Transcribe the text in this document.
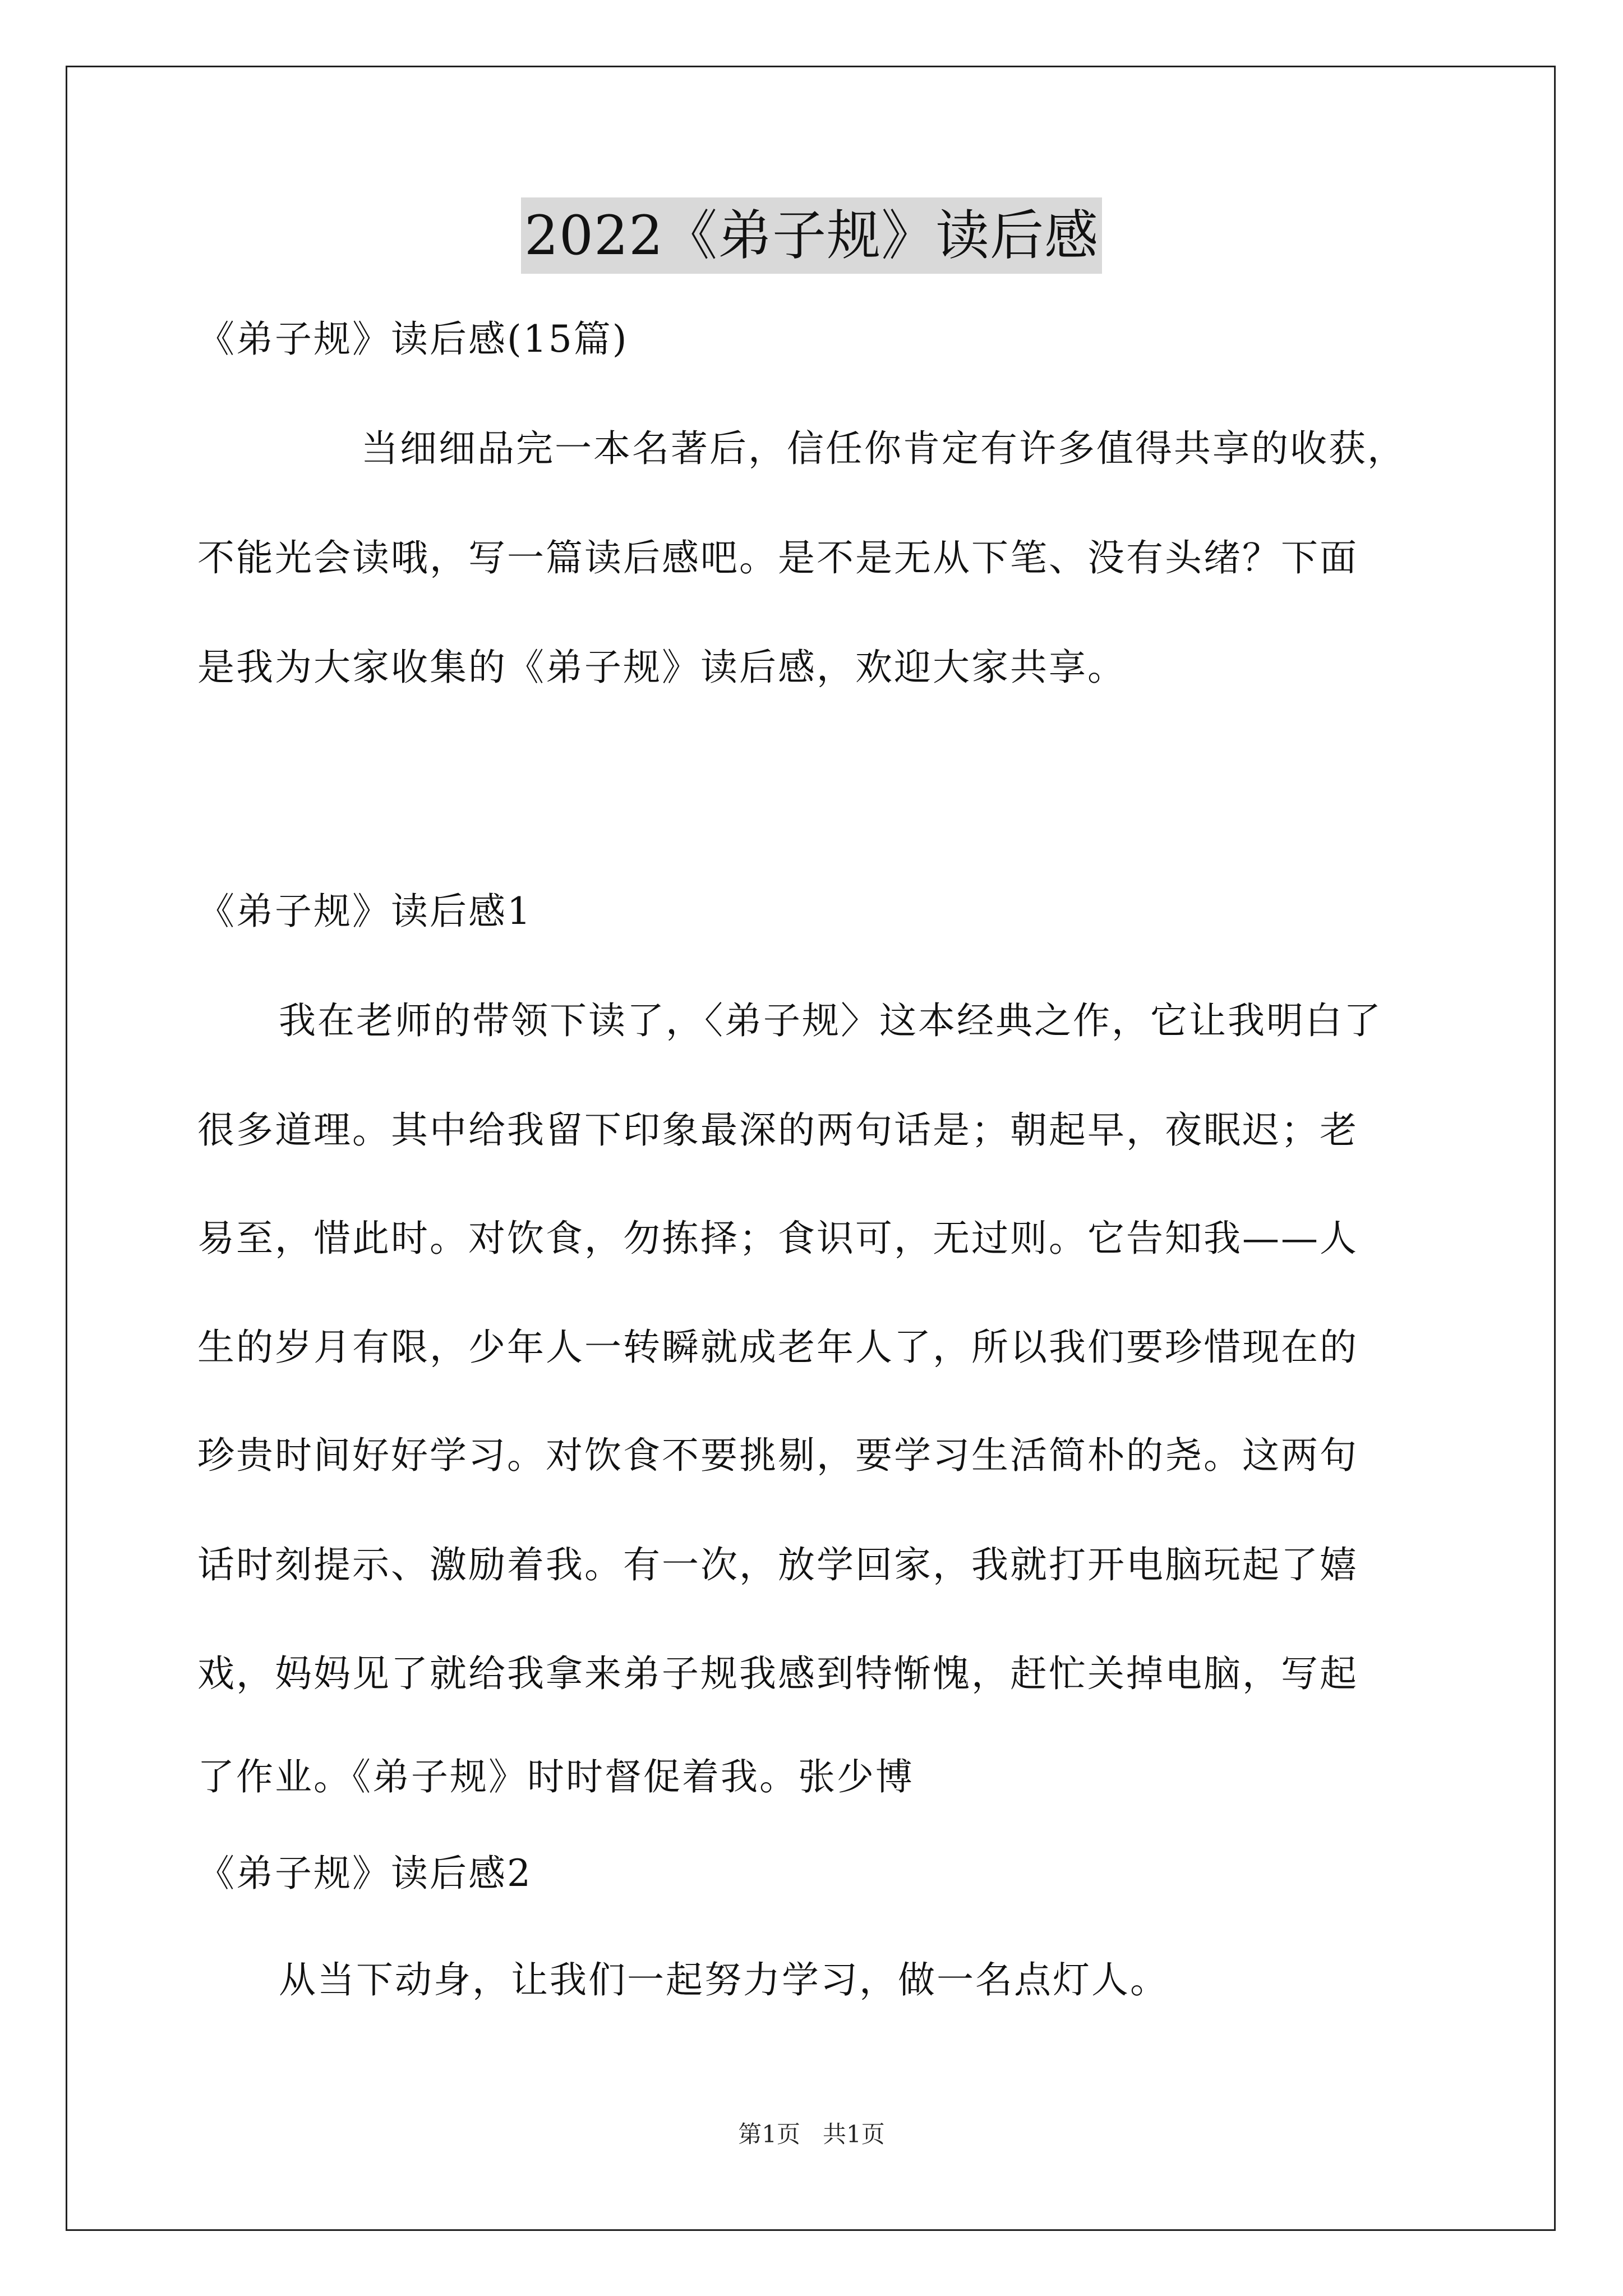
2022《弟子规》读后感
《弟子规》读后感(15篇)
当细细品完一本名著后，信任你肯定有许多值得共享的收获，
不能光会读哦，写一篇读后感吧。是不是无从下笔、没有头绪？下面
是我为大家收集的《弟子规》读后感，欢迎大家共享。
《弟子规》读后感1
我在老师的带领下读了，〈弟子规〉这本经典之作，它让我明白了
很多道理。其中给我留下印象最深的两句话是；朝起早，夜眠迟；老
易至，惜此时。对饮食，勿拣择；食识可，无过则。它告知我——人
生的岁月有限，少年人一转瞬就成老年人了，所以我们要珍惜现在的
珍贵时间好好学习。对饮食不要挑剔，要学习生活简朴的尧。这两句
话时刻提示、激励着我。有一次，放学回家，我就打开电脑玩起了嬉
戏，妈妈见了就给我拿来弟子规我感到特惭愧，赶忙关掉电脑，写起
了作业。《弟子规》时时督促着我。张少博
《弟子规》读后感2
从当下动身，让我们一起努力学习，做一名点灯人。
第1页 共1页
